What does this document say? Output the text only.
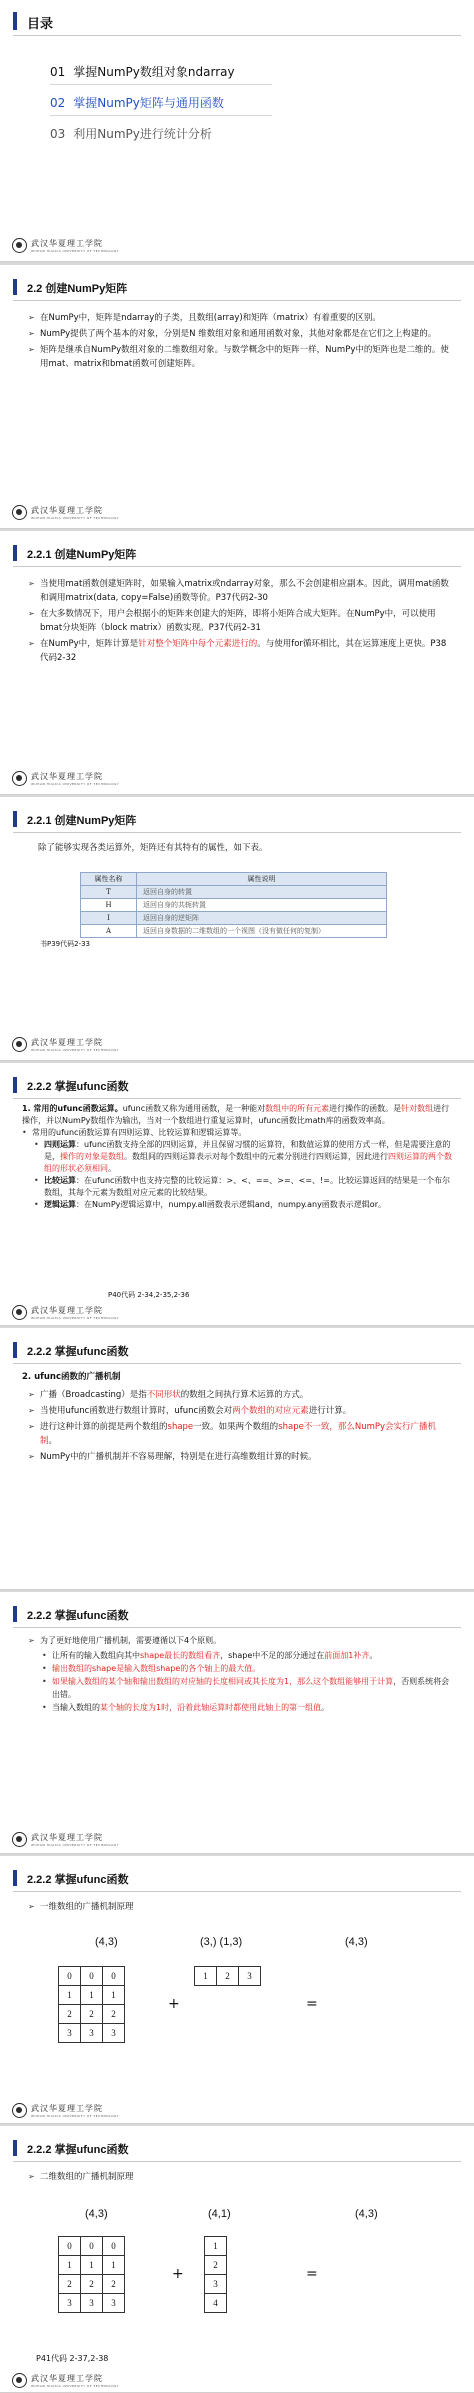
目录
01 掌握NumPy数组对象ndarray
02 掌握NumPy矩阵与通用函数
03 利用NumPy进行统计分析
武汉华夏理工学院
WUHAN HUAXIA UNIVERSITY OF TECHNOLOGY
2.2 创建NumPy矩阵
➢ 在NumPy中，矩阵是ndarray的子类，且数组(array)和矩阵（matrix）有着重要的区别。
➢ NumPy提供了两个基本的对象，分别是N 维数组对象和通用函数对象，其他对象都是在它们之上构建的。
➢ 矩阵是继承自NumPy数组对象的二维数组对象。与数学概念中的矩阵一样，NumPy中的矩阵也是二维的。使用mat、matrix和bmat函数可创建矩阵。
武汉华夏理工学院
WUHAN HUAXIA UNIVERSITY OF TECHNOLOGY
2.2.1 创建NumPy矩阵
➢ 当使用mat函数创建矩阵时，如果输入matrix或ndarray对象，那么不会创建相应副本。因此，调用mat函数和调用matrix(data, copy=False)函数等价。P37代码2-30
➢ 在大多数情况下，用户会根据小的矩阵来创建大的矩阵，即将小矩阵合成大矩阵。在NumPy中，可以使用bmat分块矩阵（block matrix）函数实现。P37代码2-31
➢ 在NumPy中，矩阵计算是针对整个矩阵中每个元素进行的。与使用for循环相比，其在运算速度上更快。P38代码2-32
武汉华夏理工学院
WUHAN HUAXIA UNIVERSITY OF TECHNOLOGY
2.2.1 创建NumPy矩阵
除了能够实现各类运算外，矩阵还有其特有的属性，如下表。
属性名称	属性说明
T	返回自身的转置
H	返回自身的共轭转置
I	返回自身的逆矩阵
A	返回自身数据的二维数组的一个视图（没有做任何的复制）
书P39代码2-33
武汉华夏理工学院
WUHAN HUAXIA UNIVERSITY OF TECHNOLOGY
2.2.2 掌握ufunc函数
1. 常用的ufunc函数运算。ufunc函数又称为通用函数，是一种能对数组中的所有元素进行操作的函数。是针对数组进行操作，并以NumPy数组作为输出，当对一个数组进行重复运算时，ufunc函数比math库的函数效率高。
• 常用的ufunc函数运算有四则运算、比较运算和逻辑运算等。
• 四则运算：ufunc函数支持全部的四则运算，并且保留习惯的运算符，和数值运算的使用方式一样，但是需要注意的是，操作的对象是数组。数组间的四则运算表示对每个数组中的元素分别进行四则运算，因此进行四则运算的两个数组的形状必须相同。
• 比较运算：在ufunc函数中也支持完整的比较运算：>、<、==、>=、<=、!=。比较运算返回的结果是一个布尔数组，其每个元素为数组对应元素的比较结果。
• 逻辑运算：在NumPy逻辑运算中，numpy.all函数表示逻辑and，numpy.any函数表示逻辑or。
P40代码 2-34,2-35,2-36
武汉华夏理工学院
WUHAN HUAXIA UNIVERSITY OF TECHNOLOGY
2.2.2 掌握ufunc函数
2. ufunc函数的广播机制
➢ 广播（Broadcasting）是指不同形状的数组之间执行算术运算的方式。
➢ 当使用ufunc函数进行数组计算时，ufunc函数会对两个数组的对应元素进行计算。
➢ 进行这种计算的前提是两个数组的shape一致。如果两个数组的shape不一致，那么NumPy会实行广播机制。
➢ NumPy中的广播机制并不容易理解，特别是在进行高维数组计算的时候。
2.2.2 掌握ufunc函数
➢ 为了更好地使用广播机制，需要遵循以下4个原则。
• 让所有的输入数组向其中shape最长的数组看齐，shape中不足的部分通过在前面加1补齐。
• 输出数组的shape是输入数组shape的各个轴上的最大值。
• 如果输入数组的某个轴和输出数组的对应轴的长度相同或其长度为1，那么这个数组能够用于计算，否则系统将会出错。
• 当输入数组的某个轴的长度为1时，沿着此轴运算时都使用此轴上的第一组值。
武汉华夏理工学院
WUHAN HUAXIA UNIVERSITY OF TECHNOLOGY
2.2.2 掌握ufunc函数
➢ 一维数组的广播机制原理
(4,3)	(3,) (1,3)	(4,3)
0	0	0
1	1	1
2	2	2
3	3	3
+
1	2	3
=
武汉华夏理工学院
WUHAN HUAXIA UNIVERSITY OF TECHNOLOGY
2.2.2 掌握ufunc函数
➢ 二维数组的广播机制原理
(4,3)	(4,1)	(4,3)
0	0	0
1	1	1
2	2	2
3	3	3
+
1
2
3
4
=
P41代码 2-37,2-38
武汉华夏理工学院
WUHAN HUAXIA UNIVERSITY OF TECHNOLOGY
